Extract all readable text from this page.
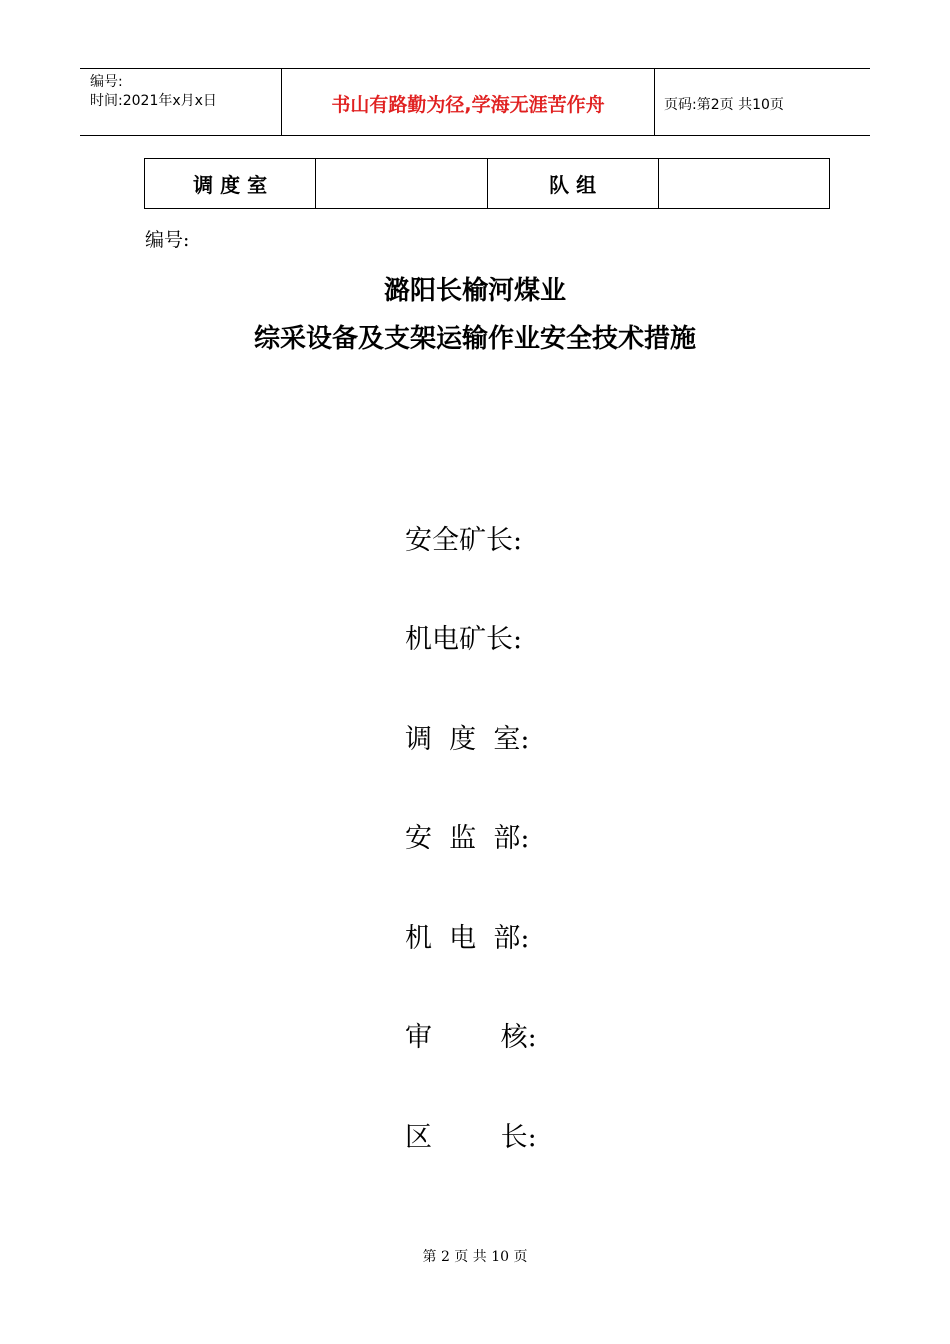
编号:
时间:2021年x月x日	书山有路勤为径,学海无涯苦作舟	页码:第2页 共10页
调 度 室		队 组	
编号:
潞阳长榆河煤业
综采设备及支架运输作业安全技术措施
安全矿长:
机电矿长:
调  度  室:
安  监  部:
机  电  部:
审        核:
区        长:
第 2 页 共 10 页
